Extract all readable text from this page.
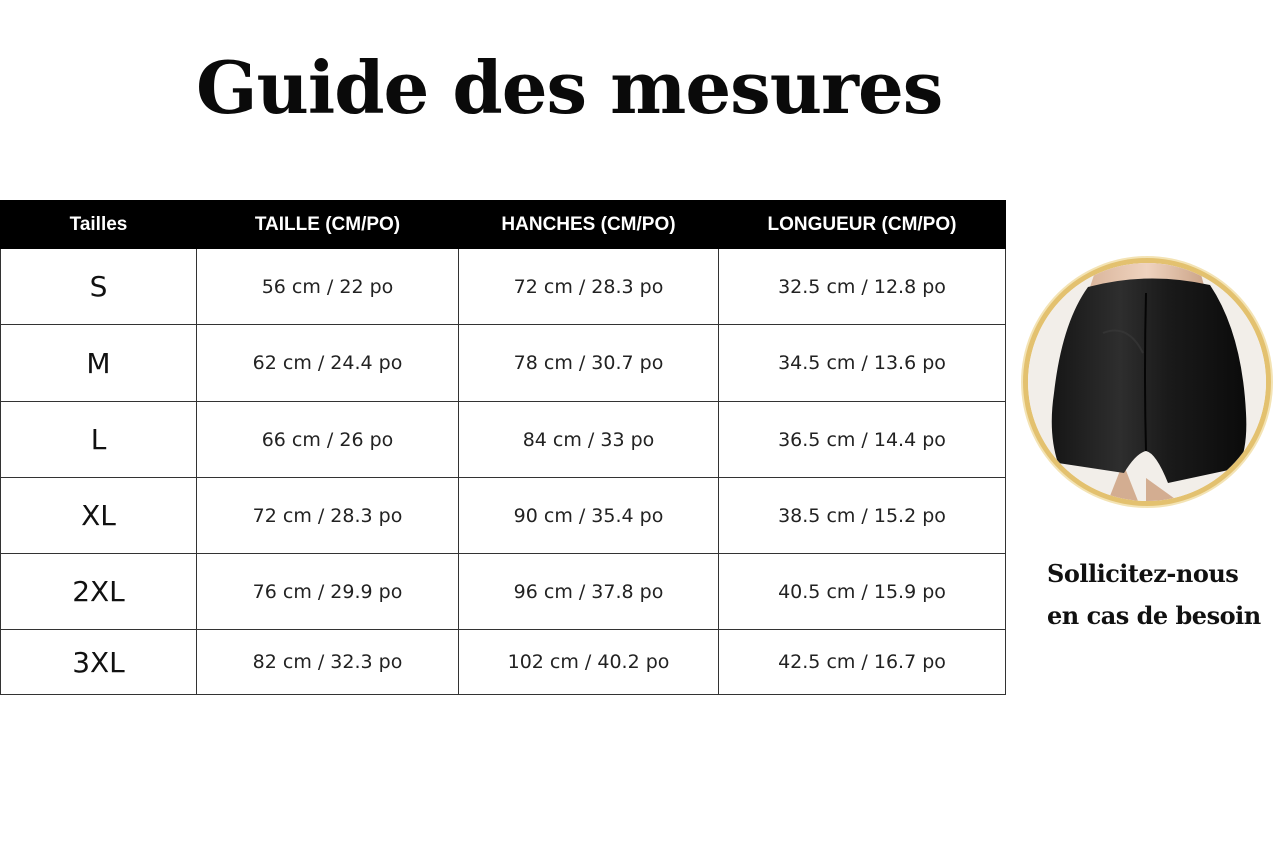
Guide des mesures
Tailles	TAILLE (CM/PO)	HANCHES (CM/PO)	LONGUEUR (CM/PO)
S	56 cm / 22 po	72 cm / 28.3 po	32.5 cm / 12.8 po
M	62 cm / 24.4 po	78 cm / 30.7 po	34.5 cm / 13.6 po
L	66 cm / 26 po	84 cm / 33 po	36.5 cm / 14.4 po
XL	72 cm / 28.3 po	90 cm / 35.4 po	38.5 cm / 15.2 po
2XL	76 cm / 29.9 po	96 cm / 37.8 po	40.5 cm / 15.9 po
3XL	82 cm / 32.3 po	102 cm / 40.2 po	42.5 cm / 16.7 po

Sollicitez-nous
en cas de besoin
